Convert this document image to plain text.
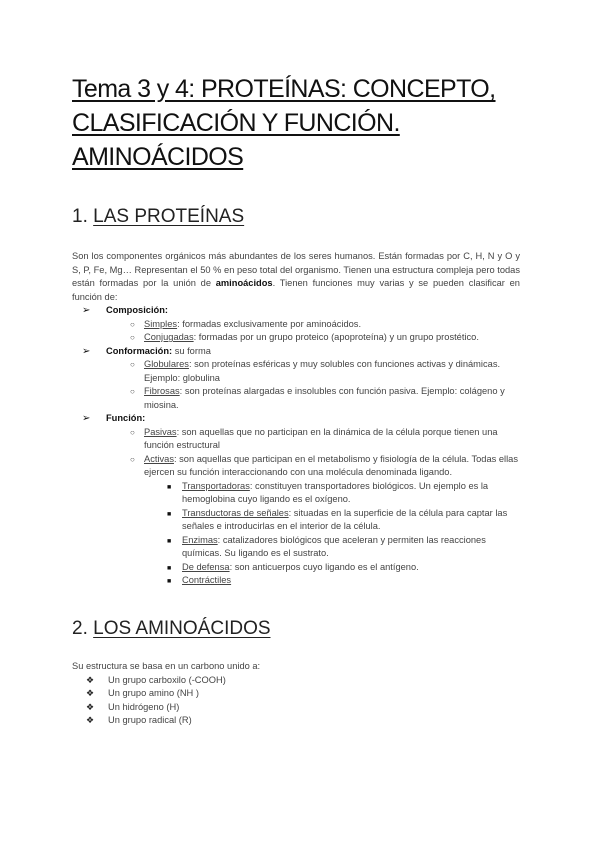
Tema 3 y 4: PROTEÍNAS: CONCEPTO,
CLASIFICACIÓN Y FUNCIÓN.
AMINOÁCIDOS
1. LAS PROTEÍNAS

Son los componentes orgánicos más abundantes de los seres humanos. Están formadas por C, H, N y O y S, P, Fe, Mg… Representan el 50 % en peso total del organismo. Tienen una estructura compleja pero todas están formadas por la unión de aminoácidos. Tienen funciones muy varias y se pueden clasificar en función de:

➢ Composición:

○ Simples: formadas exclusivamente por aminoácidos.

○ Conjugadas: formadas por un grupo proteico (apoproteína) y un grupo prostético.

➢ Conformación: su forma

○ Globulares: son proteínas esféricas y muy solubles con funciones activas y dinámicas. Ejemplo: globulina

○ Fibrosas: son proteínas alargadas e insolubles con función pasiva. Ejemplo: colágeno y miosina.

➢ Función:

○ Pasivas: son aquellas que no participan en la dinámica de la célula porque tienen una función estructural

○ Activas: son aquellas que participan en el metabolismo y fisiología de la célula. Todas ellas ejercen su función interaccionando con una molécula denominada ligando.

■ Transportadoras: constituyen transportadores biológicos. Un ejemplo es la hemoglobina cuyo ligando es el oxígeno.

■ Transductoras de señales: situadas en la superficie de la célula para captar las señales e introducirlas en el interior de la célula.

■ Enzimas: catalizadores biológicos que aceleran y permiten las reacciones químicas. Su ligando es el sustrato.

■ De defensa: son anticuerpos cuyo ligando es el antígeno.

■ Contráctiles

2. LOS AMINOÁCIDOS

Su estructura se basa en un carbono unido a:

❖ Un grupo carboxilo (-COOH)

❖ Un grupo amino (NH )

❖ Un hidrógeno (H)

❖ Un grupo radical (R)
